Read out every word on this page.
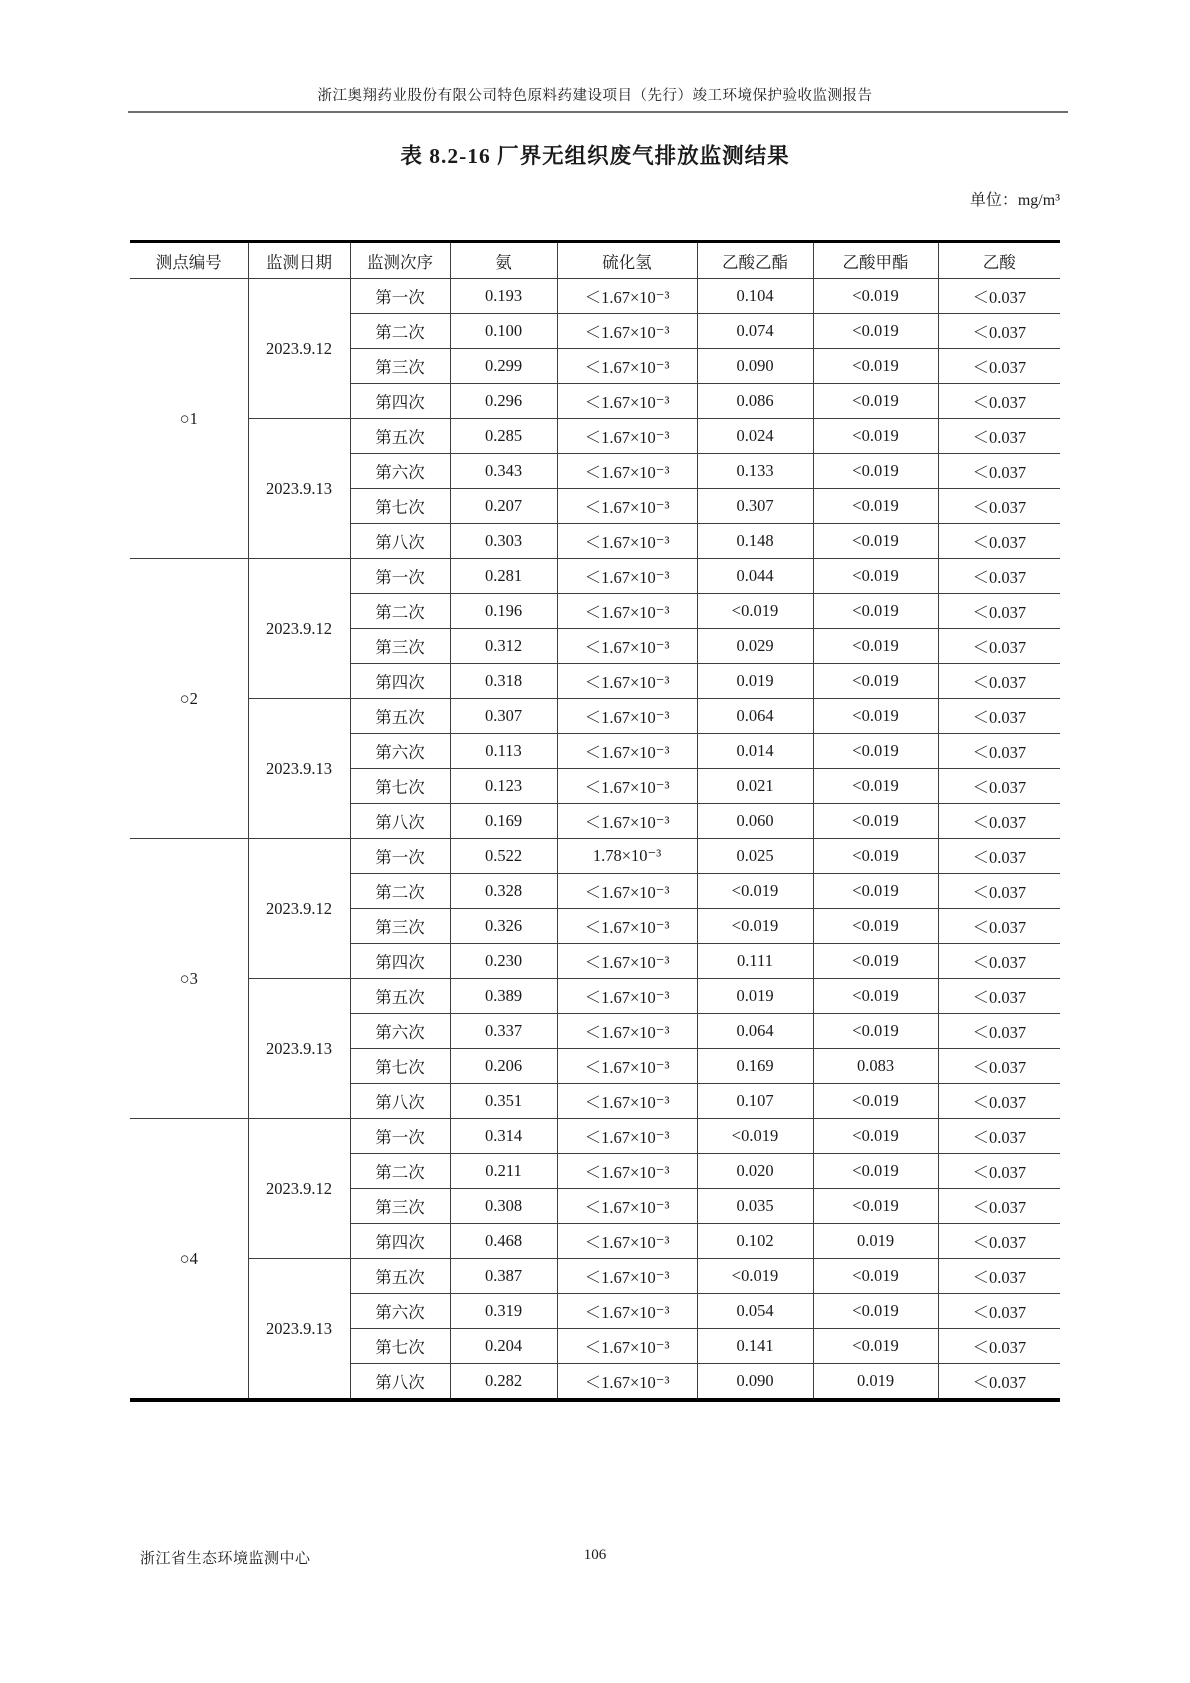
浙江奥翔药业股份有限公司特色原料药建设项目（先行）竣工环境保护验收监测报告
表 8.2-16 厂界无组织废气排放监测结果
单位：mg/m³
测点编号	监测日期	监测次序	氨	硫化氢	乙酸乙酯	乙酸甲酯	乙酸
○1	2023.9.12	第一次	0.193	＜1.67×10⁻³	0.104	<0.019	＜0.037
		第二次	0.100	＜1.67×10⁻³	0.074	<0.019	＜0.037
		第三次	0.299	＜1.67×10⁻³	0.090	<0.019	＜0.037
		第四次	0.296	＜1.67×10⁻³	0.086	<0.019	＜0.037
	2023.9.13	第五次	0.285	＜1.67×10⁻³	0.024	<0.019	＜0.037
		第六次	0.343	＜1.67×10⁻³	0.133	<0.019	＜0.037
		第七次	0.207	＜1.67×10⁻³	0.307	<0.019	＜0.037
		第八次	0.303	＜1.67×10⁻³	0.148	<0.019	＜0.037
○2	2023.9.12	第一次	0.281	＜1.67×10⁻³	0.044	<0.019	＜0.037
		第二次	0.196	＜1.67×10⁻³	<0.019	<0.019	＜0.037
		第三次	0.312	＜1.67×10⁻³	0.029	<0.019	＜0.037
		第四次	0.318	＜1.67×10⁻³	0.019	<0.019	＜0.037
	2023.9.13	第五次	0.307	＜1.67×10⁻³	0.064	<0.019	＜0.037
		第六次	0.113	＜1.67×10⁻³	0.014	<0.019	＜0.037
		第七次	0.123	＜1.67×10⁻³	0.021	<0.019	＜0.037
		第八次	0.169	＜1.67×10⁻³	0.060	<0.019	＜0.037
○3	2023.9.12	第一次	0.522	1.78×10⁻³	0.025	<0.019	＜0.037
		第二次	0.328	＜1.67×10⁻³	<0.019	<0.019	＜0.037
		第三次	0.326	＜1.67×10⁻³	<0.019	<0.019	＜0.037
		第四次	0.230	＜1.67×10⁻³	0.111	<0.019	＜0.037
	2023.9.13	第五次	0.389	＜1.67×10⁻³	0.019	<0.019	＜0.037
		第六次	0.337	＜1.67×10⁻³	0.064	<0.019	＜0.037
		第七次	0.206	＜1.67×10⁻³	0.169	0.083	＜0.037
		第八次	0.351	＜1.67×10⁻³	0.107	<0.019	＜0.037
○4	2023.9.12	第一次	0.314	＜1.67×10⁻³	<0.019	<0.019	＜0.037
		第二次	0.211	＜1.67×10⁻³	0.020	<0.019	＜0.037
		第三次	0.308	＜1.67×10⁻³	0.035	<0.019	＜0.037
		第四次	0.468	＜1.67×10⁻³	0.102	0.019	＜0.037
	2023.9.13	第五次	0.387	＜1.67×10⁻³	<0.019	<0.019	＜0.037
		第六次	0.319	＜1.67×10⁻³	0.054	<0.019	＜0.037
		第七次	0.204	＜1.67×10⁻³	0.141	<0.019	＜0.037
		第八次	0.282	＜1.67×10⁻³	0.090	0.019	＜0.037
浙江省生态环境监测中心	106
